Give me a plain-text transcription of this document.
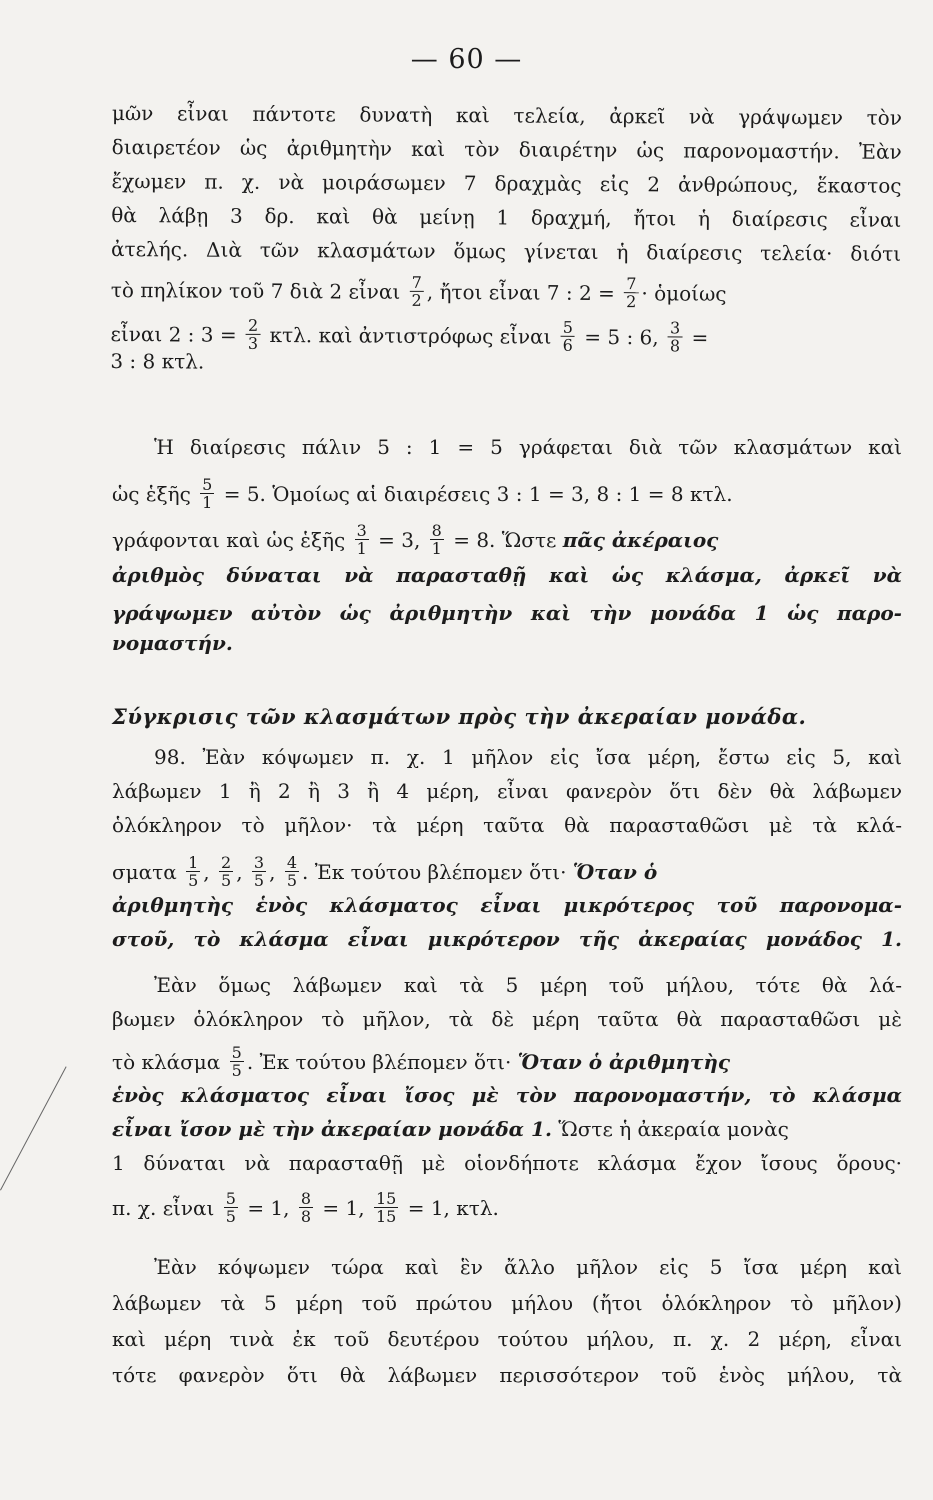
— 60 —
μῶν εἶναι πάντοτε δυνατὴ καὶ τελεία, ἀρκεῖ νὰ γράψωμεν τὸν
διαιρετέον ὡς ἀριθμητὴν καὶ τὸν διαιρέτην ὡς παρονομαστήν. Ἐὰν
ἔχωμεν π. χ. νὰ μοιράσωμεν 7 δραχμὰς εἰς 2 ἀνθρώπους, ἕκαστος
θὰ λάβῃ 3 δρ. καὶ θὰ μείνῃ 1 δραχμή, ἤτοι ἡ διαίρεσις εἶναι
ἀτελής. Διὰ τῶν κλασμάτων ὅμως γίνεται ἡ διαίρεσις τελεία· διότι
τὸ πηλίκον τοῦ 7 διὰ 2 εἶναι $\frac{7}{2}$ , ἤτοι εἶναι 7 : $2 = \frac{7}{2}$ · ὁμοίως
εἶναι 2 : $3 = \frac{2}{3} \kappa\tau\lambda$. καὶ ἀντιστρόφως εἶναι $\frac{5}{6} = 5$ : 6, $\frac{3}{8}$ =
3 : 8 κτλ.
Ἡ διαίρεσις πάλιν 5 : 1 = 5 γράφεται διὰ τῶν κλασμάτων καὶ
ὡς ἑξῆς $\frac{5}{1} = 5$. Ὁμοίως αἱ διαιρέσεις 3 : 1 = 3, 8 : 1 = 8 κτλ.
γράφονται καὶ ὡς ἑξῆς $\frac{3}{1} = 3$, $\frac{8}{1} = 8$. Ὥστε πᾶς ἀκέραιος
ἀριθμὸς δύναται νὰ παρασταθῇ καὶ ὡς κλάσμα, ἀρκεῖ νὰ
γράψωμεν αὐτὸν ὡς ἀριθμητὴν καὶ τὴν μονάδα 1 ὡς παρο-
νομαστήν.
Σύγκρισις τῶν κλασμάτων πρὸς τὴν ἀκεραίαν μονάδα.
98. Ἐὰν κόψωμεν π. χ. 1 μῆλον εἰς ἴσα μέρη, ἔστω εἰς 5, καὶ
λάβωμεν 1 ἢ 2 ἢ 3 ἢ 4 μέρη, εἶναι φανερὸν ὅτι δὲν θὰ λάβωμεν
ὁλόκληρον τὸ μῆλον· τὰ μέρη ταῦτα θὰ παρασταθῶσι μὲ τὰ κλά-
σματα $\frac{1}{5}$ , $\frac{2}{5}$ , $\frac{3}{5}$ , $\frac{4}{5}$ . Ἐκ τούτου βλέπομεν ὅτι· Ὅταν ὁ
ἀριθμητὴς ἑνὸς κλάσματος εἶναι μικρότερος τοῦ παρονομα-
στοῦ, τὸ κλάσμα εἶναι μικρότερον τῆς ἀκεραίας μονάδος 1.
Ἐὰν ὅμως λάβωμεν καὶ τὰ 5 μέρη τοῦ μήλου, τότε θὰ λά-
βωμεν ὁλόκληρον τὸ μῆλον, τὰ δὲ μέρη ταῦτα θὰ παρασταθῶσι μὲ
τὸ κλάσμα $\frac{5}{5}$ . Ἐκ τούτου βλέπομεν ὅτι· Ὅταν ὁ ἀριθμητὴς
ἑνὸς κλάσματος εἶναι ἴσος μὲ τὸν παρονομαστήν, τὸ κλάσμα
εἶναι ἴσον μὲ τὴν ἀκεραίαν μονάδα 1. Ὥστε ἡ ἀκεραία μονὰς
1 δύναται νὰ παρασταθῇ μὲ οἱονδήποτε κλάσμα ἔχον ἴσους ὅρους·
π. χ. εἶναι $\frac{5}{5} = 1$, $\frac{8}{8} = 1$, $\frac{15}{15} = 1$, κτλ.
Ἐὰν κόψωμεν τώρα καὶ ἓν ἄλλο μῆλον εἰς 5 ἴσα μέρη καὶ
λάβωμεν τὰ 5 μέρη τοῦ πρώτου μήλου (ἤτοι ὁλόκληρον τὸ μῆλον)
καὶ μέρη τινὰ ἐκ τοῦ δευτέρου τούτου μήλου, π. χ. 2 μέρη, εἶναι
τότε φανερὸν ὅτι θὰ λάβωμεν περισσότερον τοῦ ἑνὸς μήλου, τὰ
